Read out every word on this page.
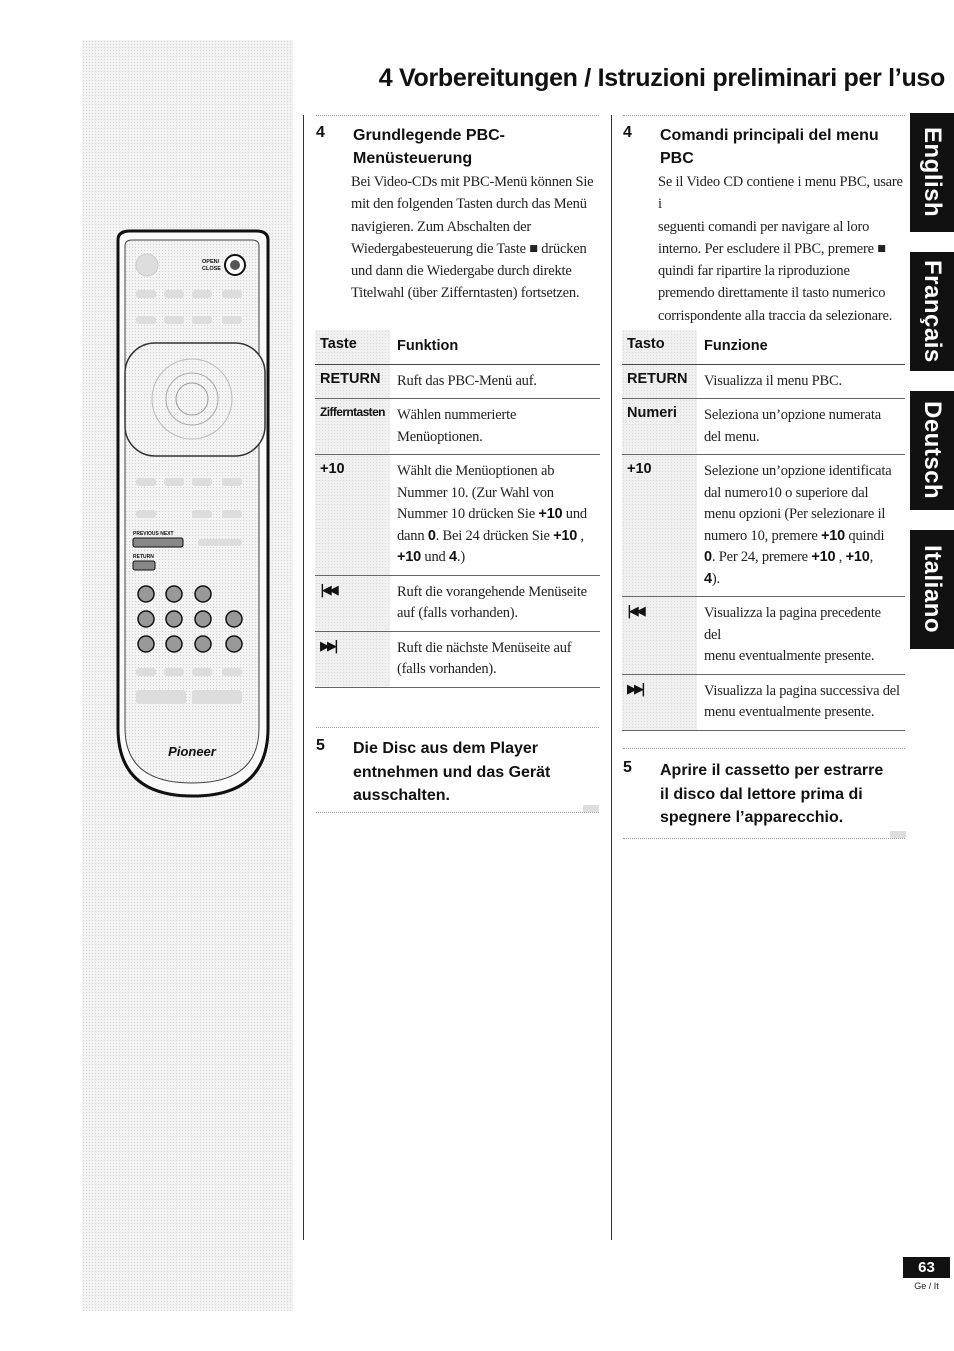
OPEN/
CLOSE
PREVIOUS NEXT
RETURN
Pioneer
4 Vorbereitungen / Istruzioni preliminari per l’uso
4	Grundlegende PBC-
Menüsteuerung
Bei Video-CDs mit PBC-Menü können Sie
mit den folgenden Tasten durch das Menü
navigieren. Zum Abschalten der
Wiedergabesteuerung die Taste ■ drücken
und dann die Wiedergabe durch direkte
Titelwahl (über Zifferntasten) fortsetzen.
Taste	Funktion
RETURN	Ruft das PBC-Menü auf.
Zifferntasten Wählen nummerierte
Menüoptionen.
+10	Wählt die Menüoptionen ab
Nummer 10. (Zur Wahl von
Nummer 10 drücken Sie +10 und
dann 0. Bei 24 drücken Sie +10 ,
+10 und 4.)
|◀◀	Ruft die vorangehende Menüseite
auf (falls vorhanden).
▶▶|	Ruft die nächste Menüseite auf
(falls vorhanden).
5	Die Disc aus dem Player
entnehmen und das Gerät
ausschalten.
4	Comandi principali del menu
PBC
Se il Video CD contiene i menu PBC, usare i
seguenti comandi per navigare al loro
interno. Per escludere il PBC, premere ■
quindi far ripartire la riproduzione
premendo direttamente il tasto numerico
corrispondente alla traccia da selezionare.
Tasto	Funzione
RETURN	Visualizza il menu PBC.
Numeri	Seleziona un’opzione numerata
del menu.
+10	Selezione un’opzione identificata
dal numero10 o superiore dal
menu opzioni (Per selezionare il
numero 10, premere +10 quindi
0. Per 24, premere +10 , +10,
4).
|◀◀	Visualizza la pagina precedente del
menu eventualmente presente.
▶▶|	Visualizza la pagina successiva del
menu eventualmente presente.
5	Aprire il cassetto per estrarre
il disco dal lettore prima di
spegnere l’apparecchio.
English
Français
Deutsch
Italiano
63
Ge / It
